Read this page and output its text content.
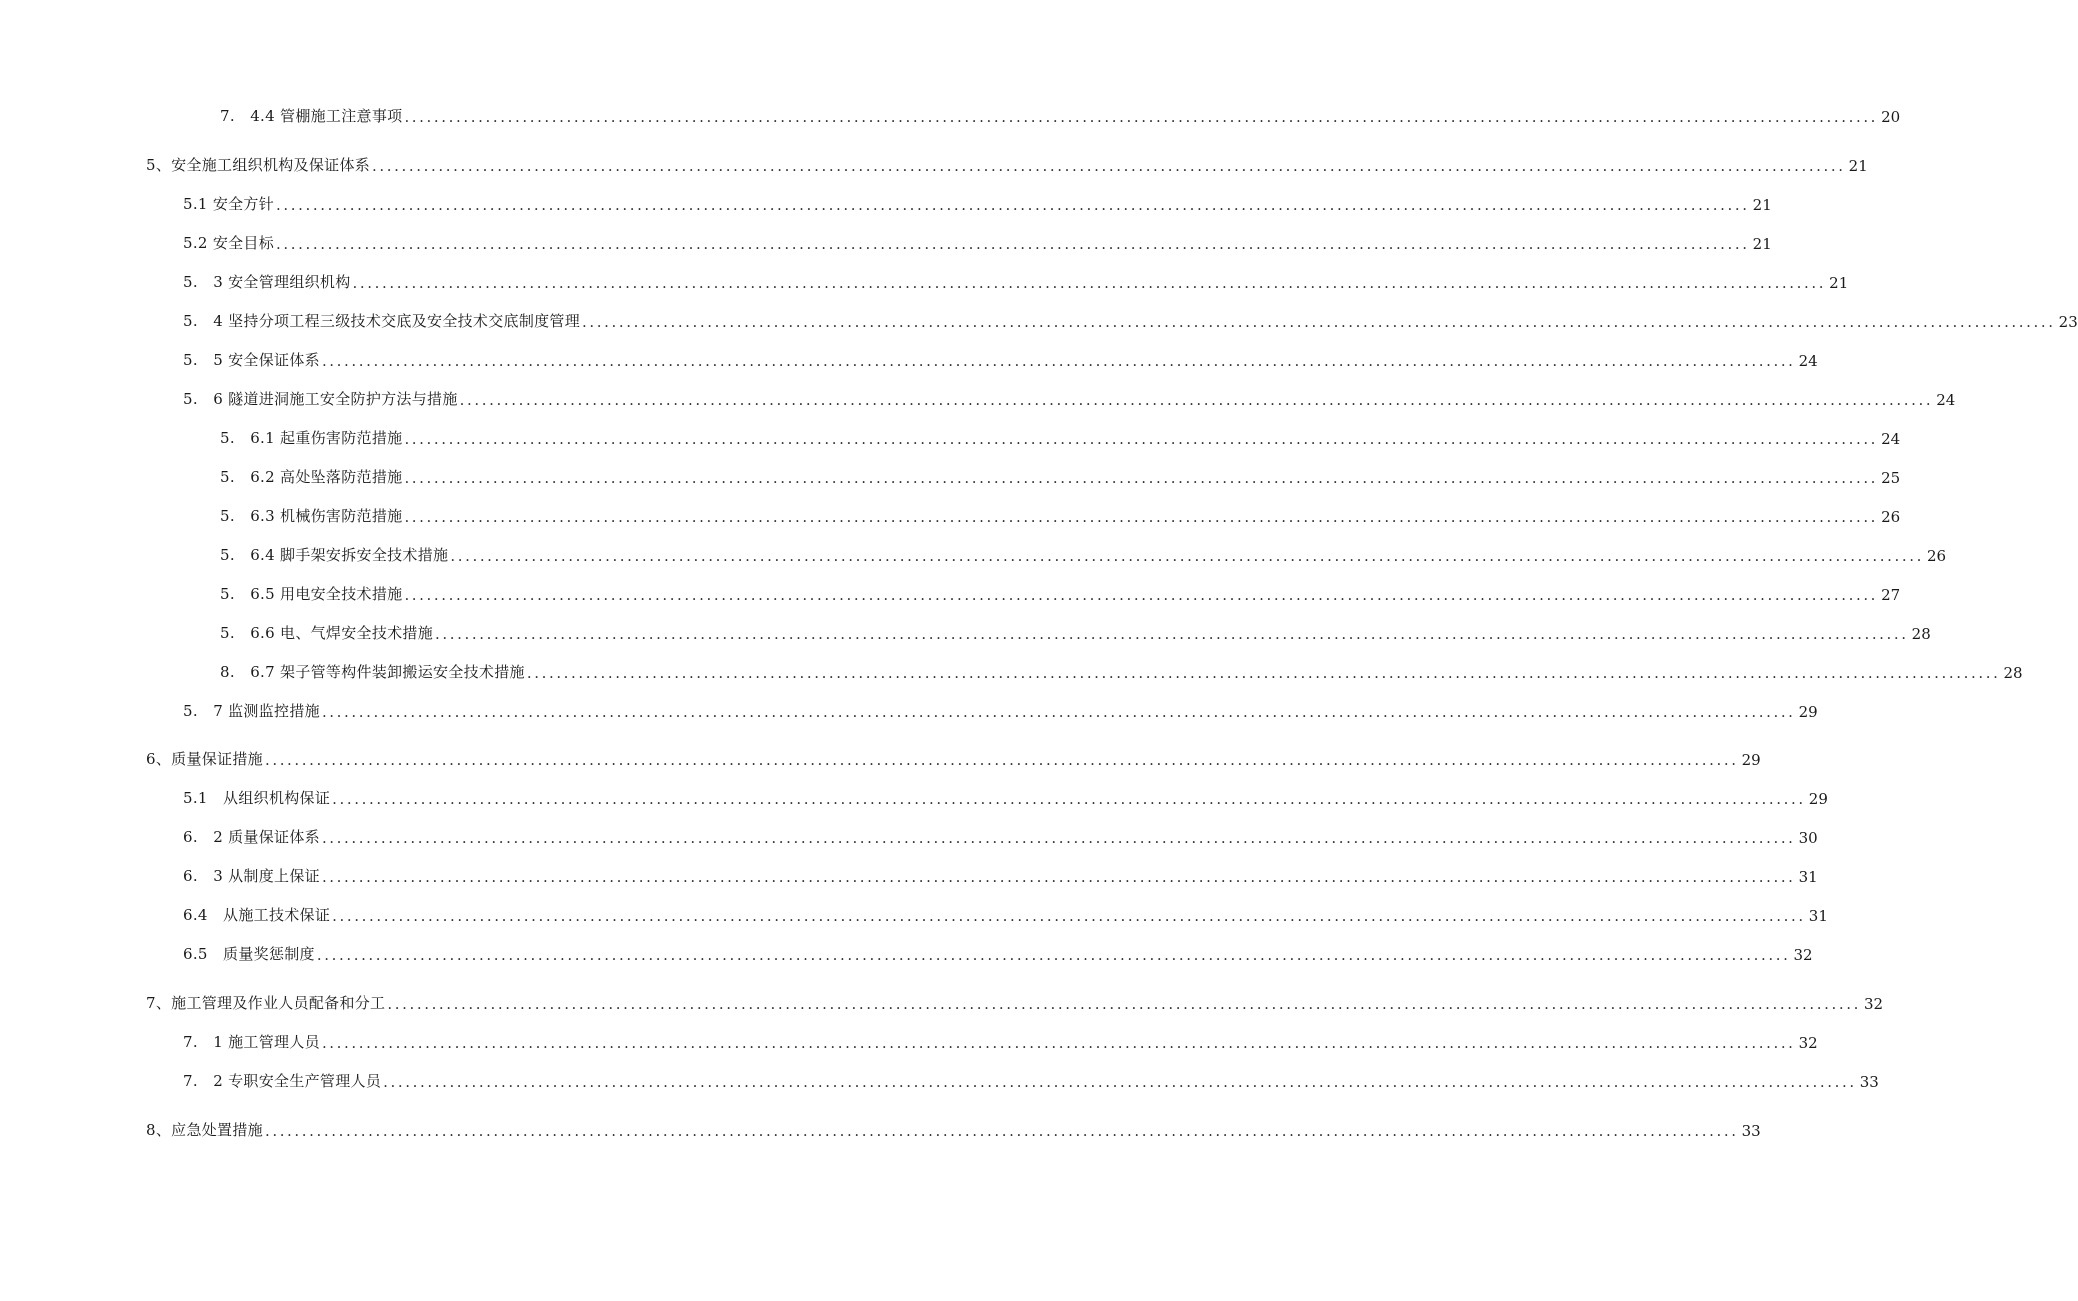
7.　4.4 管棚施工注意事项 ........................................................................................................................................................................................................ 20
5、安全施工组织机构及保证体系 ........................................................................................................................................................................................................ 21
5.1 安全方针 ........................................................................................................................................................................................................ 21
5.2 安全目标 ........................................................................................................................................................................................................ 21
5.　3 安全管理组织机构 ........................................................................................................................................................................................................ 21
5.　4 坚持分项工程三级技术交底及安全技术交底制度管理 ........................................................................................................................................................................................................ 23
5.　5 安全保证体系 ........................................................................................................................................................................................................ 24
5.　6 隧道进洞施工安全防护方法与措施 ........................................................................................................................................................................................................ 24
5.　6.1 起重伤害防范措施 ........................................................................................................................................................................................................ 24
5.　6.2 高处坠落防范措施 ........................................................................................................................................................................................................ 25
5.　6.3 机械伤害防范措施 ........................................................................................................................................................................................................ 26
5.　6.4 脚手架安拆安全技术措施 ........................................................................................................................................................................................................ 26
5.　6.5 用电安全技术措施 ........................................................................................................................................................................................................ 27
5.　6.6 电、气焊安全技术措施 ........................................................................................................................................................................................................ 28
8.　6.7 架子管等构件装卸搬运安全技术措施 ........................................................................................................................................................................................................ 28
5.　7 监测监控措施 ........................................................................................................................................................................................................ 29
6、质量保证措施 ........................................................................................................................................................................................................ 29
5.1　从组织机构保证 ........................................................................................................................................................................................................ 29
6.　2 质量保证体系 ........................................................................................................................................................................................................ 30
6.　3 从制度上保证 ........................................................................................................................................................................................................ 31
6.4　从施工技术保证 ........................................................................................................................................................................................................ 31
6.5　质量奖惩制度 ........................................................................................................................................................................................................ 32
7、施工管理及作业人员配备和分工 ........................................................................................................................................................................................................ 32
7.　1 施工管理人员 ........................................................................................................................................................................................................ 32
7.　2 专职安全生产管理人员 ........................................................................................................................................................................................................ 33
8、应急处置措施 ........................................................................................................................................................................................................ 33
